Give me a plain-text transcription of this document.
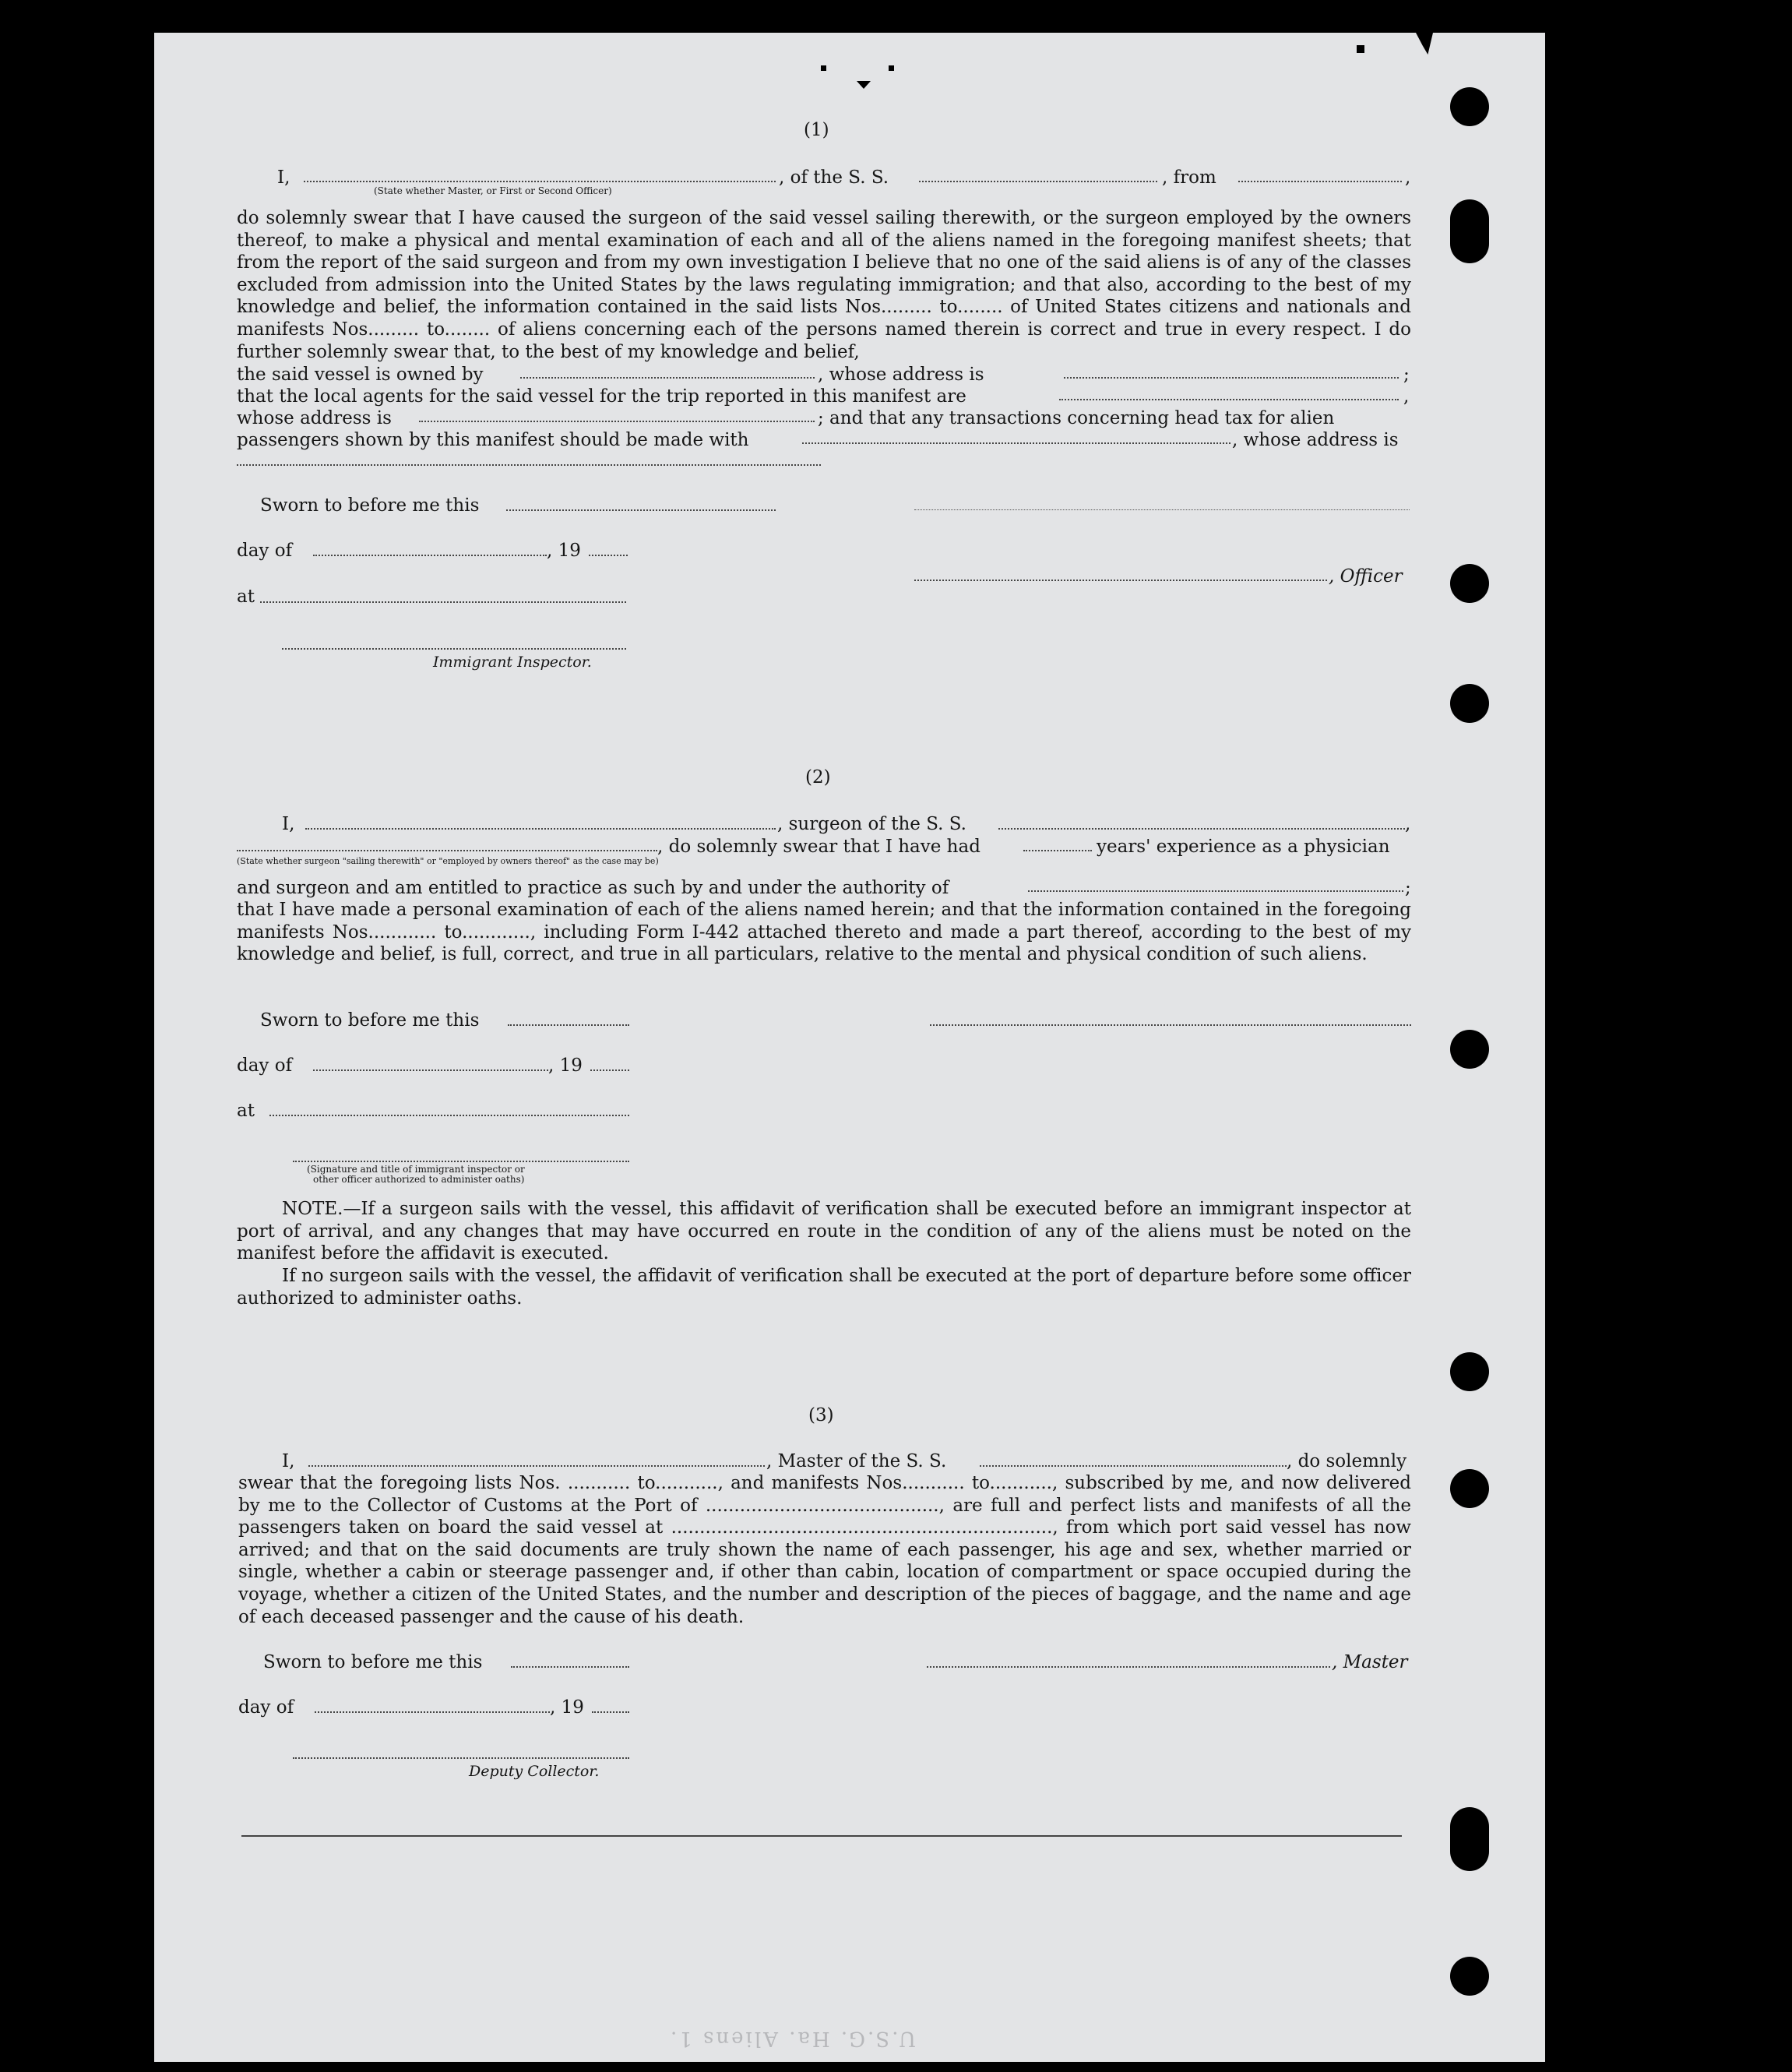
(1)
I,	, of the S. S.	, from	,
(State whether Master, or First or Second Officer)
do solemnly swear that I have caused the surgeon of the said vessel sailing therewith, or the surgeon employed by the owners thereof, to make a physical and mental examination of each and all of the aliens named in the foregoing manifest sheets; that from the report of the said surgeon and from my own investigation I believe that no one of the said aliens is of any of the classes excluded from admission into the United States by the laws regulating immigration; and that also, according to the best of my knowledge and belief, the information contained in the said lists Nos......... to........ of United States citizens and nationals and manifests Nos......... to........ of aliens concerning each of the persons named therein is correct and true in every respect. I do further solemnly swear that, to the best of my knowledge and belief,
the said vessel is owned by	, whose address is	;
that the local agents for the said vessel for the trip reported in this manifest are	,
whose address is	; and that any transactions concerning head tax for alien
passengers shown by this manifest should be made with	, whose address is
Sworn to before me this
day of	, 19
, Officer
at
Immigrant Inspector.
(2)
I,	, surgeon of the S. S.	,
, do solemnly swear that I have had	years' experience as a physician
(State whether surgeon "sailing therewith" or "employed by owners thereof" as the case may be)
and surgeon and am entitled to practice as such by and under the authority of	;
that I have made a personal examination of each of the aliens named herein; and that the information contained in the foregoing manifests Nos............ to............, including Form I-442 attached thereto and made a part thereof, according to the best of my knowledge and belief, is full, correct, and true in all particulars, relative to the mental and physical condition of such aliens.
Sworn to before me this
day of	, 19
at
(Signature and title of immigrant inspector or
other officer authorized to administer oaths)
NOTE.—If a surgeon sails with the vessel, this affidavit of verification shall be executed before an immigrant inspector at port of arrival, and any changes that may have occurred en route in the condition of any of the aliens must be noted on the manifest before the affidavit is executed.
If no surgeon sails with the vessel, the affidavit of verification shall be executed at the port of departure before some officer authorized to administer oaths.
(3)
I,	, Master of the S. S.	, do solemnly
swear that the foregoing lists Nos. ........... to..........., and manifests Nos........... to..........., subscribed by me, and now delivered by me to the Collector of Customs at the Port of ........................................., are full and perfect lists and manifests of all the passengers taken on board the said vessel at ..................................................................., from which port said vessel has now arrived; and that on the said documents are truly shown the name of each passenger, his age and sex, whether married or single, whether a cabin or steerage passenger and, if other than cabin, location of compartment or space occupied during the voyage, whether a citizen of the United States, and the number and description of the pieces of baggage, and the name and age of each deceased passenger and the cause of his death.
Sworn to before me this	, Master
day of	, 19
Deputy Collector.
U.S.G. Ha. Aliens 1.
